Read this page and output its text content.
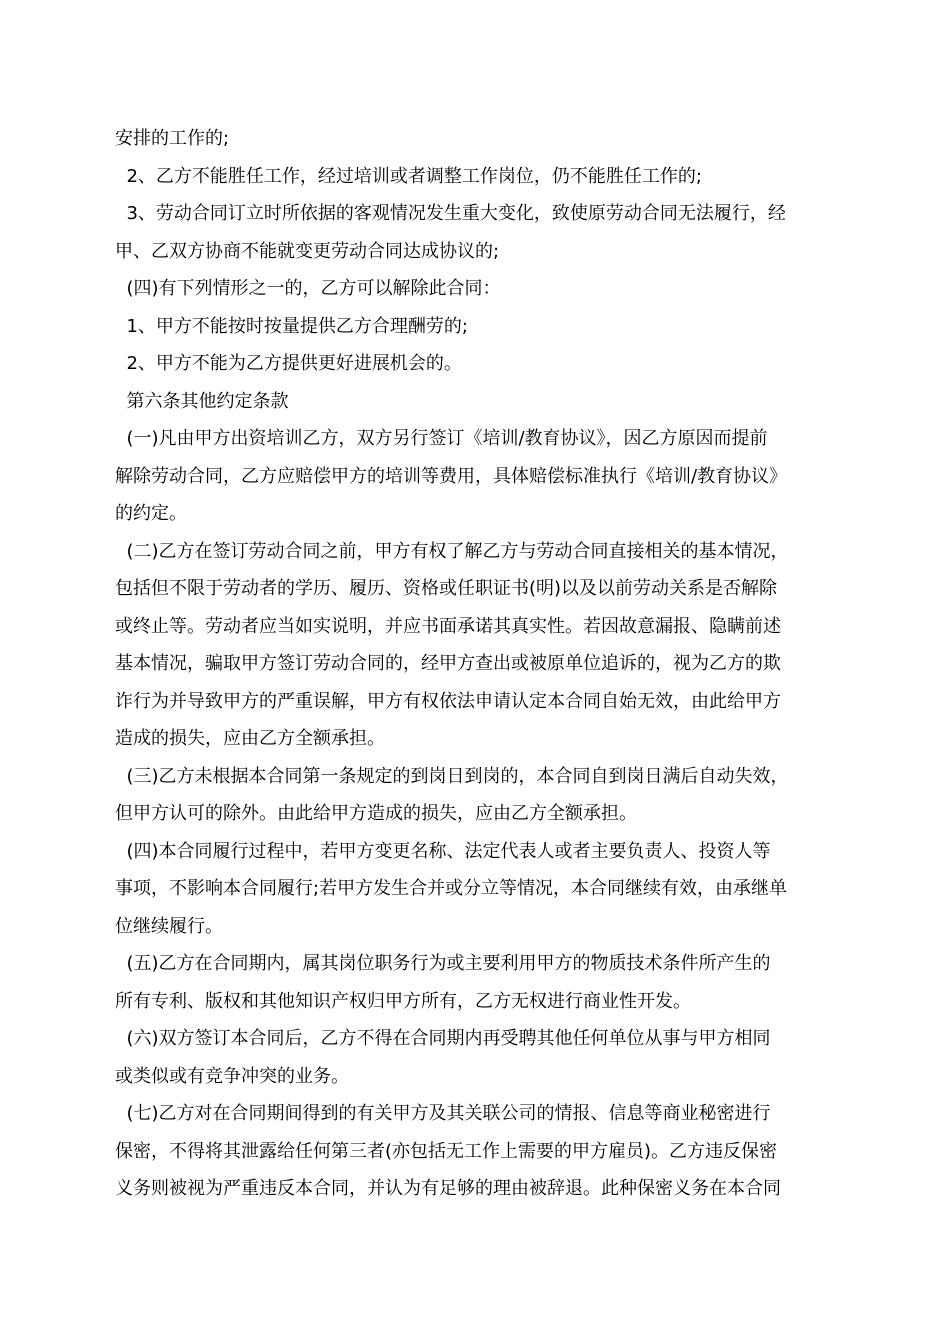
安排的工作的;
2、乙方不能胜任工作，经过培训或者调整工作岗位，仍不能胜任工作的;
3、劳动合同订立时所依据的客观情况发生重大变化，致使原劳动合同无法履行，经
甲、乙双方协商不能就变更劳动合同达成协议的;
(四)有下列情形之一的，乙方可以解除此合同：
1、甲方不能按时按量提供乙方合理酬劳的;
2、甲方不能为乙方提供更好进展机会的。
第六条其他约定条款
(一)凡由甲方出资培训乙方，双方另行签订《培训/教育协议》，因乙方原因而提前
解除劳动合同，乙方应赔偿甲方的培训等费用，具体赔偿标准执行《培训/教育协议》
的约定。
(二)乙方在签订劳动合同之前，甲方有权了解乙方与劳动合同直接相关的基本情况，
包括但不限于劳动者的学历、履历、资格或任职证书(明)以及以前劳动关系是否解除
或终止等。劳动者应当如实说明，并应书面承诺其真实性。若因故意漏报、隐瞒前述
基本情况，骗取甲方签订劳动合同的，经甲方查出或被原单位追诉的，视为乙方的欺
诈行为并导致甲方的严重误解，甲方有权依法申请认定本合同自始无效，由此给甲方
造成的损失，应由乙方全额承担。
(三)乙方未根据本合同第一条规定的到岗日到岗的，本合同自到岗日满后自动失效，
但甲方认可的除外。由此给甲方造成的损失，应由乙方全额承担。
(四)本合同履行过程中，若甲方变更名称、法定代表人或者主要负责人、投资人等
事项，不影响本合同履行;若甲方发生合并或分立等情况，本合同继续有效，由承继单
位继续履行。
(五)乙方在合同期内，属其岗位职务行为或主要利用甲方的物质技术条件所产生的
所有专利、版权和其他知识产权归甲方所有，乙方无权进行商业性开发。
(六)双方签订本合同后，乙方不得在合同期内再受聘其他任何单位从事与甲方相同
或类似或有竞争冲突的业务。
(七)乙方对在合同期间得到的有关甲方及其关联公司的情报、信息等商业秘密进行
保密，不得将其泄露给任何第三者(亦包括无工作上需要的甲方雇员)。乙方违反保密
义务则被视为严重违反本合同，并认为有足够的理由被辞退。此种保密义务在本合同
